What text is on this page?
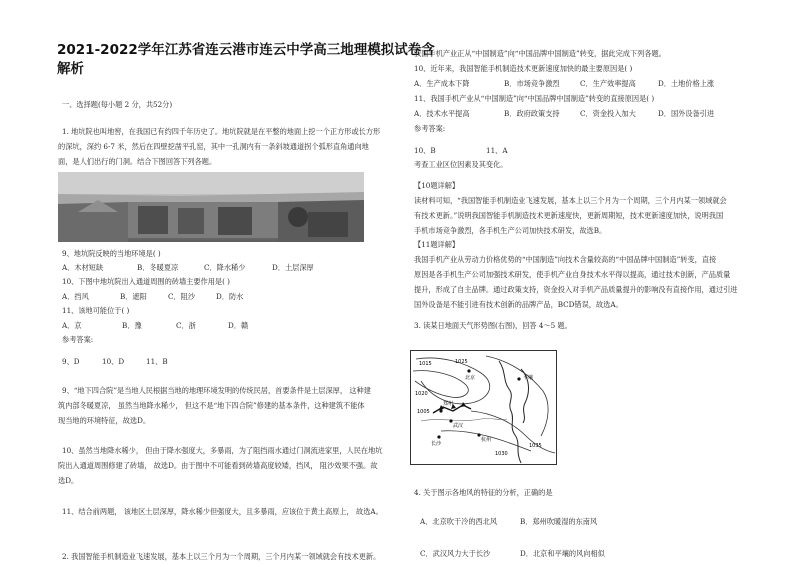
2021-2022学年江苏省连云港市连云中学高三地理模拟试卷含
解析
一、选择题(每小题 2 分，共52分)
1. 地坑院也叫地窖，在我国已有约四千年历史了。地坑院就是在平整的地面上挖一个正方形或长方形
的深坑，深约 6-7 米，然后在四壁挖凿平孔窑，其中一孔洞内有一条斜坡通道拐个弧形直角通向地
面，是人们出行的门洞。结合下图回答下列各题。
9、地坑院反映的当地环境是( )
A．木材短缺	B．冬暖夏凉	C．降水稀少	D．土层深厚
10、下图中地坑院出入通道周围的砖墙主要作用是( )
A．挡风	B．遮阳	C．阻沙	D．防水
11、该地可能位于( )
A．京	B．豫	C．浙	D．赣
参考答案:
9、D	10、D	11、B
9、“地下四合院”是当地人民根据当地的地理环境发明的传统民居，首要条件是土层深厚， 这种建
筑内部冬暖夏凉， 虽然当地降水稀少， 但这不是“地下四合院”修建的基本条件，这种建筑不能体
现当地的环境特征，故选D。
10、虽然当地降水稀少， 但由于降水强度大，多暴雨，为了阻挡雨水通过门洞流进家里，人民在地坑
院出入通道周围修建了砖墙， 故选D。由于图中不可能看到砖墙高度较矮，挡风， 阻沙效果不强。故
选D。
11、结合前两题， 该地区土层深厚，降水稀少但强度大，且多暴雨，应该位于黄土高原上， 故选A。
2. 我国智能手机制造业飞速发展，基本上以三个月为一个周期，三个月内某一领域就会有技术更新。
我国手机产业正从“中国制造”向“中国品牌中国制造”转变，据此完成下列各题。
10、近年来，我国智能手机制造技术更新速度加快的最主要原因是( )
A．生产成本下降	B．市场竞争激烈	C．生产效率提高	D．土地价格上涨
11、我国手机产业从“中国制造”向“中国品牌中国制造”转变的直接原因是( )
A．技术水平提高	B．政府政策支持	C．资金投入加大	D．国外设备引进
参考答案:
10、B	11、A
考查工业区位因素及其变化。
【10题详解】
读材料可知，“我国智能手机制造业飞速发展，基本上以三个月为一个周期，三个月内某一领域就会
有技术更新。”说明我国智能手机制造技术更新速度快，更新周期短，技术更新速度加快，说明我国
手机市场竞争激烈，各手机生产公司加快技术研发，故选B。
【11题详解】
我国手机产业从劳动力价格优势的“中国制造”向技术含量较高的“中国品牌中国制造”转变，直接
原因是各手机生产公司加强技术研发，使手机产业自身技术水平得以提高，通过技术创新，产品质量
提升，形成了自主品牌。通过政策支持，资金投入对手机产品质量提升的影响没有直接作用，通过引进
国外设备是不能引进有技术创新的品牌产品，BCD错误，故选A。
3. 读某日地面天气形势图(右图)，回答 4～5 题。
1025
1015
1020
1005
1035
1030
北京	平壤
郑州
武汉
长沙
杭州
4. 关于图示各地风的特征的分析，正确的是
A．北京吹干冷的西北风	B．郑州吹暖湿的东南风
C．武汉风力大于长沙	D．北京和平壤的风向相似
